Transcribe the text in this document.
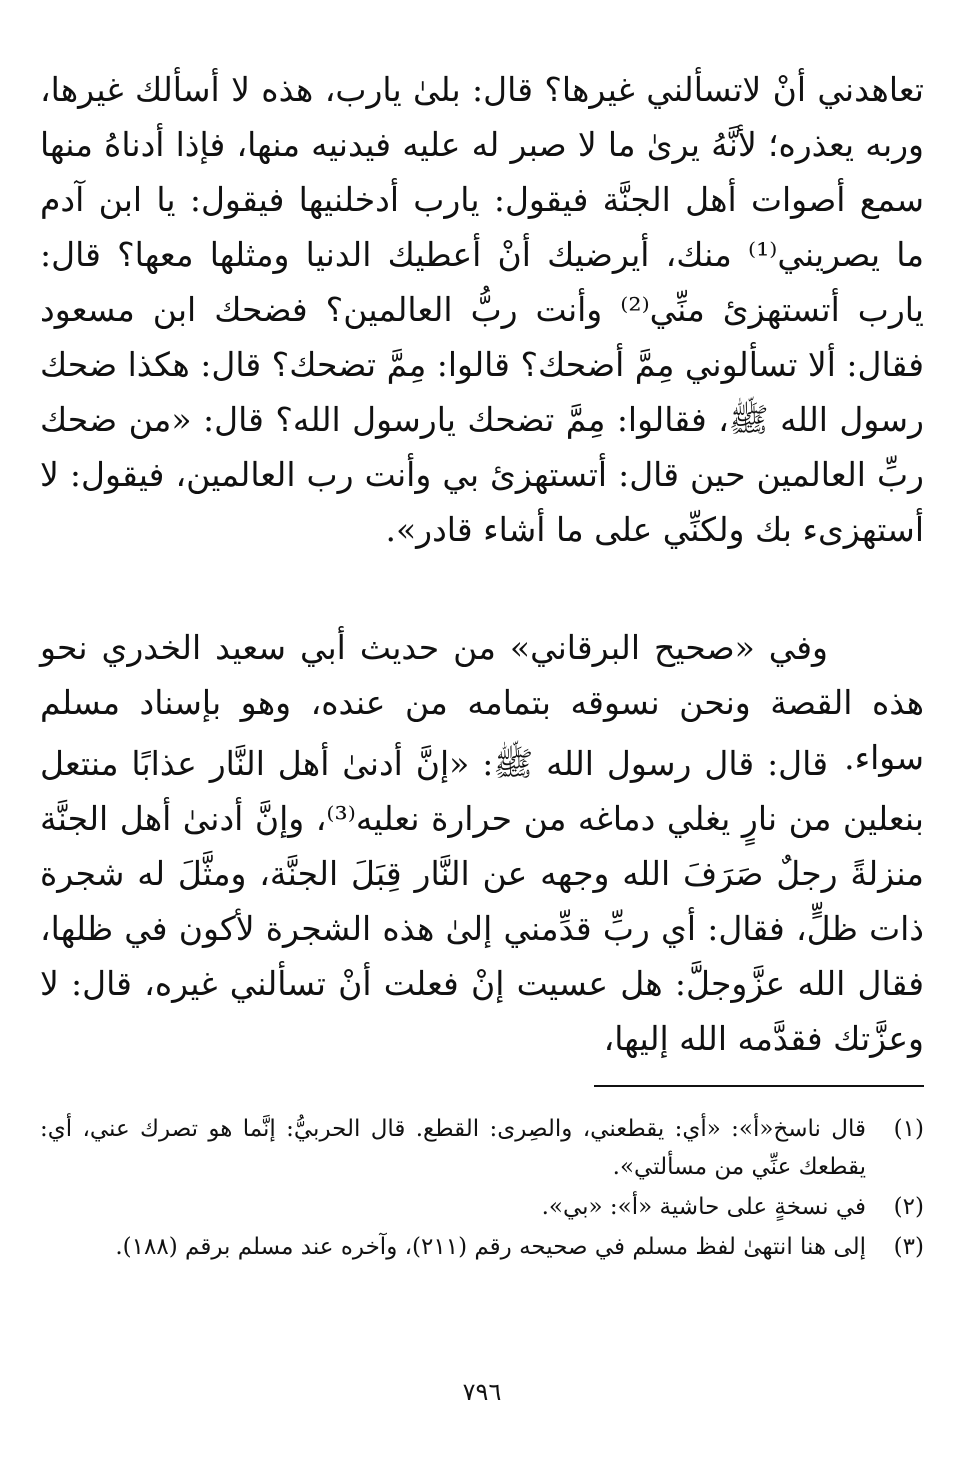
تعاهدني أنْ لاتسألني غيرها؟ قال: بلىٰ يارب، هذه لا أسألك غيرها، وربه يعذره؛ لأنَّهُ يرىٰ ما لا صبر له عليه فيدنيه منها، فإذا أدناهُ منها سمع أصوات أهل الجنَّة فيقول: يارب أدخلنيها فيقول: يا ابن آدم ما يصريني⁽¹⁾ منك، أيرضيك أنْ أعطيك الدنيا ومثلها معها؟ قال: يارب أتستهزئ منِّي⁽²⁾ وأنت ربُّ العالمين؟ فضحك ابن مسعود فقال: ألا تسألوني مِمَّ أضحك؟ قالوا: مِمَّ تضحك؟ قال: هكذا ضحك رسول الله ﷺ، فقالوا: مِمَّ تضحك يارسول الله؟ قال: «من ضحك ربِّ العالمين حين قال: أتستهزئ بي وأنت رب العالمين، فيقول: لا أستهزىء بك ولكنِّي على ما أشاء قادر».

وفي «صحيح البرقاني» من حديث أبي سعيد الخدري نحو هذه القصة ونحن نسوقه بتمامه من عنده، وهو بإسناد مسلم سواء.

قال: قال رسول الله ﷺ: «إنَّ أدنىٰ أهل النَّار عذابًا منتعل بنعلين من نارٍ يغلي دماغه من حرارة نعليه⁽³⁾، وإنَّ أدنىٰ أهل الجنَّة منزلةً رجلٌ صَرَفَ الله وجهه عن النَّار قِبَلَ الجنَّة، ومثَّلَ له شجرة ذات ظلٍّ، فقال: أي ربِّ قدِّمني إلىٰ هذه الشجرة لأكون في ظلها، فقال الله عزَّوجلَّ: هل عسيت إنْ فعلت أنْ تسألني غيره، قال: لا وعزَّتك فقدَّمه الله إليها،

(١)
قال ناسخ«أ»: «أي: يقطعني، والصِرى: القطع. قال الحربيُّ: إنَّما هو تصرك عني، أي: يقطعك عنِّي من مسألتي».
(٢)
في نسخةٍ على حاشية «أ»: «بي».
(٣)
إلى هنا انتهىٰ لفظ مسلم في صحيحه رقم (٢١١)، وآخره عند مسلم برقم (١٨٨).
٧٩٦
